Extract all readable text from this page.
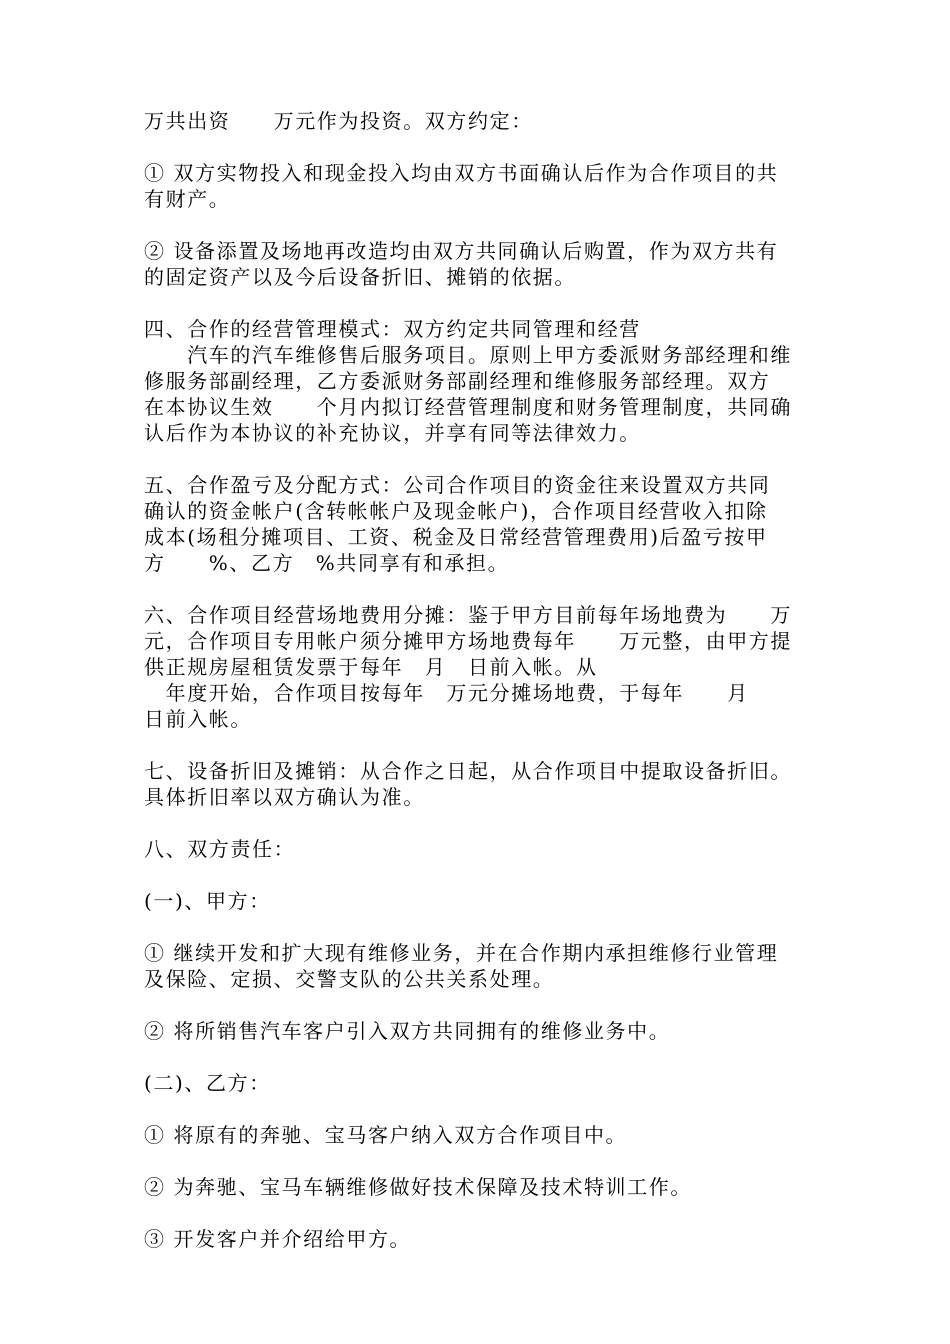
万共出资　　万元作为投资。双方约定：
① 双方实物投入和现金投入均由双方书面确认后作为合作项目的共
有财产。
② 设备添置及场地再改造均由双方共同确认后购置，作为双方共有
的固定资产以及今后设备折旧、摊销的依据。
四、合作的经营管理模式：双方约定共同管理和经营
　　汽车的汽车维修售后服务项目。原则上甲方委派财务部经理和维
修服务部副经理，乙方委派财务部副经理和维修服务部经理。双方
在本协议生效　　个月内拟订经营管理制度和财务管理制度，共同确
认后作为本协议的补充协议，并享有同等法律效力。
五、合作盈亏及分配方式：公司合作项目的资金往来设置双方共同
确认的资金帐户(含转帐帐户及现金帐户)，合作项目经营收入扣除
成本(场租分摊项目、工资、税金及日常经营管理费用)后盈亏按甲
方　　%、乙方　%共同享有和承担。
六、合作项目经营场地费用分摊：鉴于甲方目前每年场地费为　　万
元，合作项目专用帐户须分摊甲方场地费每年　　万元整，由甲方提
供正规房屋租赁发票于每年　月　日前入帐。从
　年度开始，合作项目按每年　万元分摊场地费，于每年　　月
日前入帐。
七、设备折旧及摊销：从合作之日起，从合作项目中提取设备折旧。
具体折旧率以双方确认为准。
八、双方责任：
(一)、甲方：
① 继续开发和扩大现有维修业务，并在合作期内承担维修行业管理
及保险、定损、交警支队的公共关系处理。
② 将所销售汽车客户引入双方共同拥有的维修业务中。
(二)、乙方：
① 将原有的奔驰、宝马客户纳入双方合作项目中。
② 为奔驰、宝马车辆维修做好技术保障及技术特训工作。
③ 开发客户并介绍给甲方。
